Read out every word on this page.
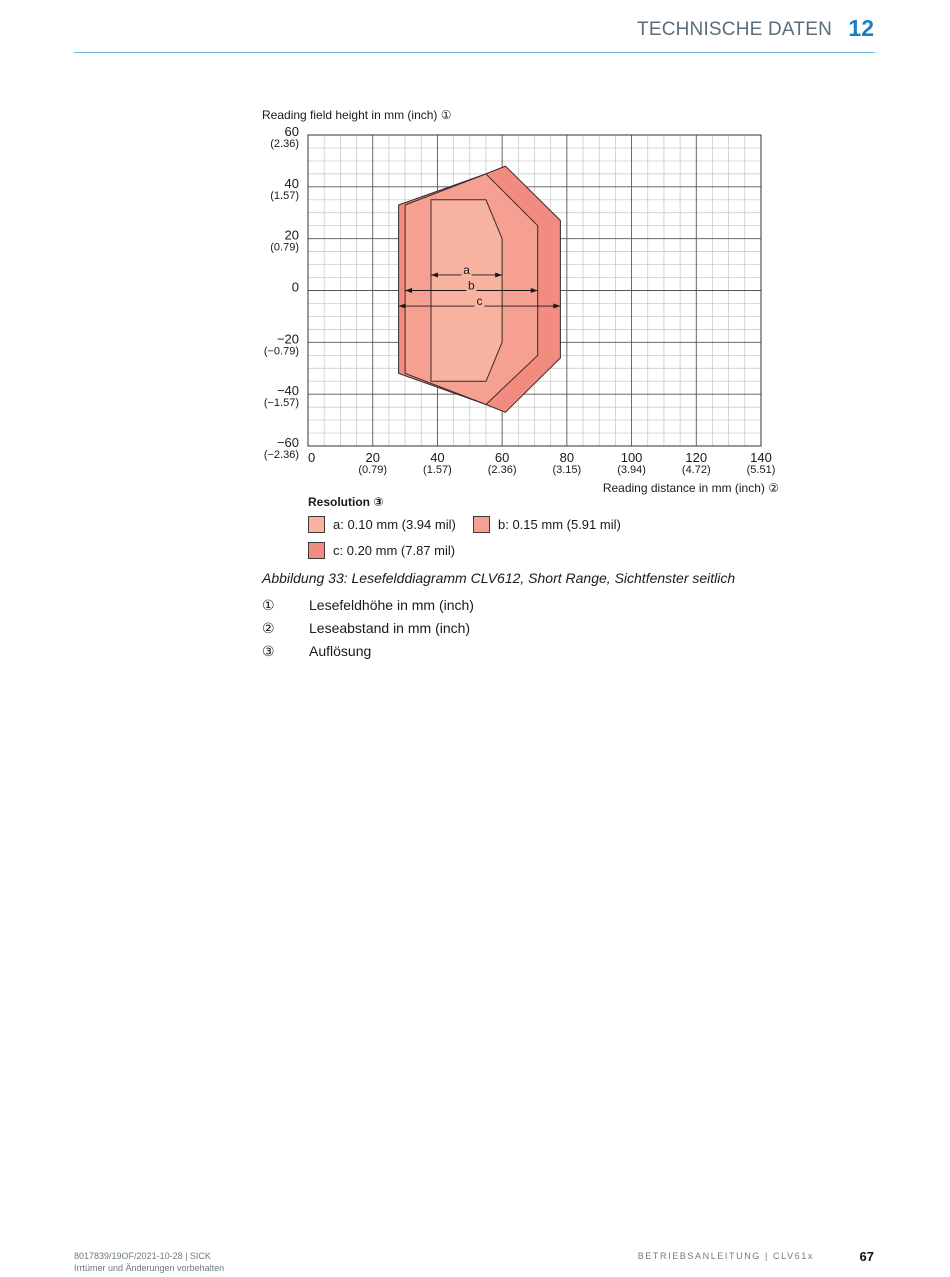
TECHNISCHE DATEN 12
a
b
c
0	20
(0.79)
40
(1.57)
60
(2.36)
80
(3.15)
100
(3.94)
120
(4.72)
140
(5.51)
60
(2.36)
40
(1.57)
20
(0.79)
0
−20
(−0.79)
−40
(−1.57)
−60
(−2.36)
Reading field height in mm (inch) ①
Reading distance in mm (inch) ②
Resolution ③
a: 0.10 mm (3.94 mil)	b: 0.15 mm (5.91 mil)
c: 0.20 mm (7.87 mil)
Abbildung 33: Lesefelddiagramm CLV612, Short Range, Sichtfenster seitlich
①	Lesefeldhöhe in mm (inch)
②	Leseabstand in mm (inch)
③	Auflösung
8017839/19OF/2021-10-28 | SICK
Irrtümer und Änderungen vorbehalten
BETRIEBSANLEITUNG | CLV61x	67
